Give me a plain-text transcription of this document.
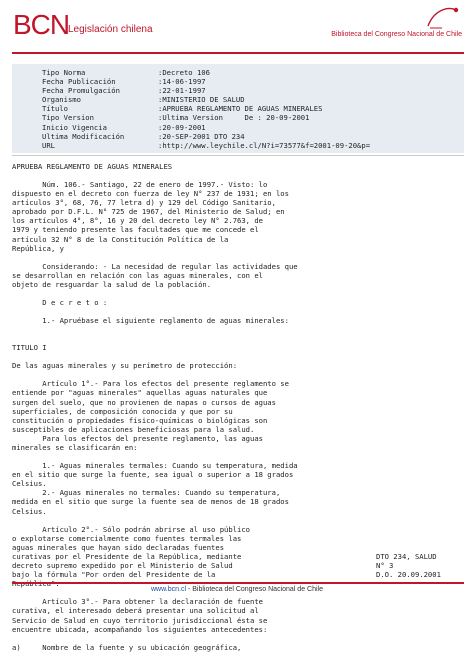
BCN
Legislación chilena	Biblioteca del Congreso Nacional de Chile
Tipo Norma	:Decreto 106
Fecha Publicación	:14-06-1997
Fecha Promulgación	:22-01-1997
Organismo	:MINISTERIO DE SALUD
Título	:APRUEBA REGLAMENTO DE AGUAS MINERALES
Tipo Version	:Ultima Version     De : 20-09-2001
Inicio Vigencia	:20-09-2001
Ultima Modificación	:20-SEP-2001 DTO 234
URL	:http://www.leychile.cl/N?i=73577&f=2001-09-20&p=

APRUEBA REGLAMENTO DE AGUAS MINERALES

Núm. 106.- Santiago, 22 de enero de 1997.- Visto: lo
dispuesto en el decreto con fuerza de ley N° 237 de 1931; en los
artículos 3°, 68, 76, 77 letra d) y 129 del Código Sanitario,
aprobado por D.F.L. N° 725 de 1967, del Ministerio de Salud; en
los artículos 4°, 8°, 16 y 20 del decreto ley N° 2.763, de
1979 y teniendo presente las facultades que me concede el
artículo 32 N° 8 de la Constitución Política de la
República, y

Considerando: - La necesidad de regular las actividades que
se desarrollan en relación con las aguas minerales, con el
objeto de resguardar la salud de la población.

D e c r e t o :

1.- Apruébase el siguiente reglamento de aguas minerales:

TITULO I

De las aguas minerales y su perímetro de protección:

Artículo 1°.- Para los efectos del presente reglamento se
entiende por "aguas minerales" aquellas aguas naturales que
surgen del suelo, que no provienen de napas o cursos de aguas
superficiales, de composición conocida y que por su
constitución o propiedades físico-químicas o biológicas son
susceptibles de aplicaciones beneficiosas para la salud.
Para los efectos del presente reglamento, las aguas
minerales se clasificarán en:

1.- Aguas minerales termales: Cuando su temperatura, medida
en el sitio que surge la fuente, sea igual o superior a 18 grados
Celsius.
2.- Aguas minerales no termales: Cuando su temperatura,
medida en el sitio que surge la fuente sea de menos de 18 grados
Celsius.

Artículo 2°.- Sólo podrán abrirse al uso público
o explotarse comercialmente como fuentes termales las
aguas minerales que hayan sido declaradas fuentes
curativas por el Presidente de la República, mediante
decreto supremo expedido por el Ministerio de Salud
bajo la fórmula "Por orden del Presidente de la

DTO 234, SALUD
N° 3
D.O. 20.09.2001

Artículo 3°.- Para obtener la declaración de fuente
curativa, el interesado deberá presentar una solicitud al
Servicio de Salud en cuyo territorio jurisdiccional ésta se
encuentre ubicada, acompañando los siguientes antecedentes:

a)     Nombre de la fuente y su ubicación geográfica,

www.bcn.cl - Biblioteca del Congreso Nacional de Chile
